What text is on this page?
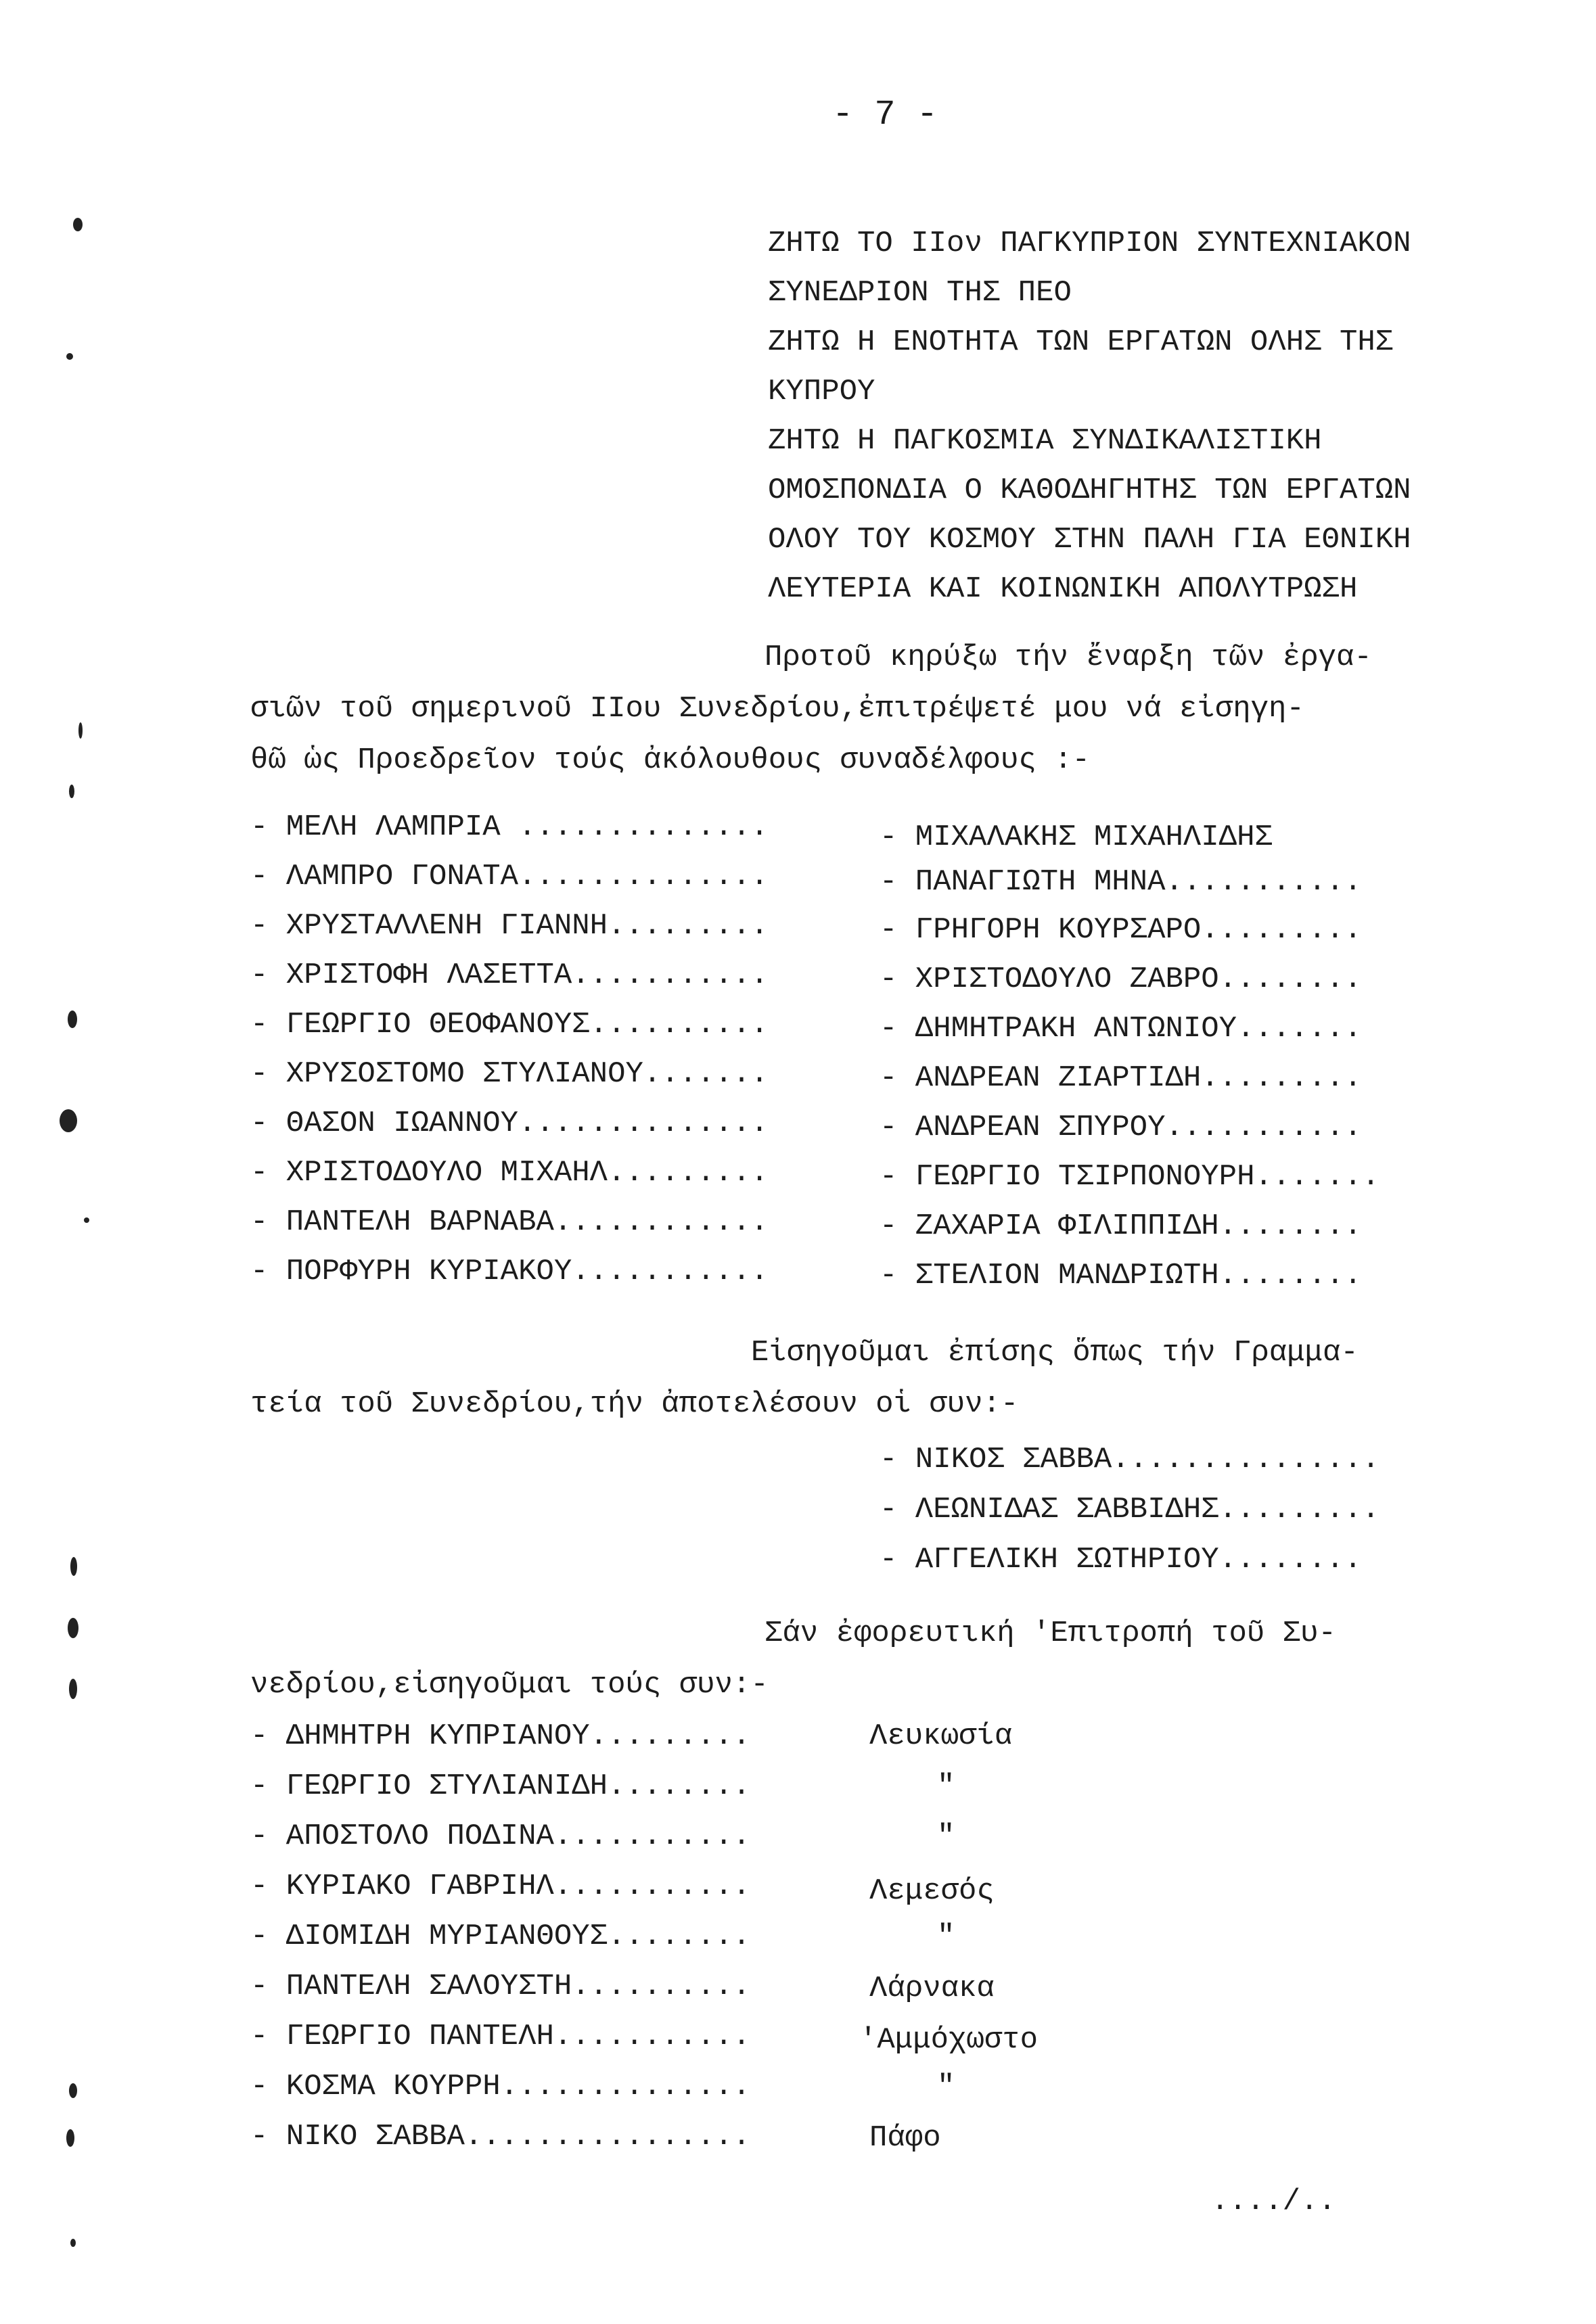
- 7 -
ΖΗΤΩ ΤΟ ΙΙον ΠΑΓΚΥΠΡΙΟΝ ΣΥΝΤΕΧΝΙΑΚΟΝ
ΣΥΝΕΔΡΙΟΝ ΤΗΣ ΠΕΟ
ΖΗΤΩ Η ΕΝΟΤΗΤΑ ΤΩΝ ΕΡΓΑΤΩΝ ΟΛΗΣ ΤΗΣ
ΚΥΠΡΟΥ
ΖΗΤΩ Η ΠΑΓΚΟΣΜΙΑ ΣΥΝΔΙΚΑΛΙΣΤΙΚΗ
ΟΜΟΣΠΟΝΔΙΑ Ο ΚΑΘΟΔΗΓΗΤΗΣ ΤΩΝ ΕΡΓΑΤΩΝ
ΟΛΟΥ ΤΟΥ ΚΟΣΜΟΥ ΣΤΗΝ ΠΑΛΗ ΓΙΑ ΕΘΝΙΚΗ
ΛΕΥΤΕΡΙΑ ΚΑΙ ΚΟΙΝΩΝΙΚΗ ΑΠΟΛΥΤΡΩΣΗ
Προτοῦ κηρύξω τήν ἔναρξη τῶν ἐργα-
σιῶν τοῦ σημερινοῦ ΙΙου Συνεδρίου,ἐπιτρέψετέ μου νά εἰσηγη-
θῶ ὡς Προεδρεῖον τούς ἀκόλουθους συναδέλφους :-
- ΜΕΛΗ ΛΑΜΠΡΙΑ ..............	- ΜΙΧΑΛΑΚΗΣ ΜΙΧΑΗΛΙΔΗΣ
- ΛΑΜΠΡΟ ΓΟΝΑΤΑ..............	- ΠΑΝΑΓΙΩΤΗ ΜΗΝΑ...........
- ΧΡΥΣΤΑΛΛΕΝΗ ΓΙΑΝΝΗ.........	- ΓΡΗΓΟΡΗ ΚΟΥΡΣΑΡΟ.........
- ΧΡΙΣΤΟΦΗ ΛΑΣΕΤΤΑ...........	- ΧΡΙΣΤΟΔΟΥΛΟ ΖΑΒΡΟ........
- ΓΕΩΡΓΙΟ ΘΕΟΦΑΝΟΥΣ..........	- ΔΗΜΗΤΡΑΚΗ ΑΝΤΩΝΙΟΥ.......
- ΧΡΥΣΟΣΤΟΜΟ ΣΤΥΛΙΑΝΟΥ.......	- ΑΝΔΡΕΑΝ ΖΙΑΡΤΙΔΗ.........
- ΘΑΣΟΝ ΙΩΑΝΝΟΥ..............	- ΑΝΔΡΕΑΝ ΣΠΥΡΟΥ...........
- ΧΡΙΣΤΟΔΟΥΛΟ ΜΙΧΑΗΛ.........	- ΓΕΩΡΓΙΟ ΤΣΙΡΠΟΝΟΥΡΗ.......
- ΠΑΝΤΕΛΗ ΒΑΡΝΑΒΑ............	- ΖΑΧΑΡΙΑ ΦΙΛΙΠΠΙΔΗ........
- ΠΟΡΦΥΡΗ ΚΥΡΙΑΚΟΥ...........	- ΣΤΕΛΙΟΝ ΜΑΝΔΡΙΩΤΗ........
Εἰσηγοῦμαι ἐπίσης ὅπως τήν Γραμμα-
τεία τοῦ Συνεδρίου,τήν ἀποτελέσουν οἱ συν:-
- ΝΙΚΟΣ ΣΑΒΒΑ...............
- ΛΕΩΝΙΔΑΣ ΣΑΒΒΙΔΗΣ.........
- ΑΓΓΕΛΙΚΗ ΣΩΤΗΡΙΟΥ........
Σάν ἐφορευτική 'Επιτροπή τοῦ Συ-
νεδρίου,εἰσηγοῦμαι τούς συν:-
- ΔΗΜΗΤΡΗ ΚΥΠΡΙΑΝΟΥ.........	Λευκωσία
- ΓΕΩΡΓΙΟ ΣΤΥΛΙΑΝΙΔΗ........	"
- ΑΠΟΣΤΟΛΟ ΠΟΔΙΝΑ...........	"
- ΚΥΡΙΑΚΟ ΓΑΒΡΙΗΛ...........	Λεμεσός
- ΔΙΟΜΙΔΗ ΜΥΡΙΑΝΘΟΥΣ........	"
- ΠΑΝΤΕΛΗ ΣΑΛΟΥΣΤΗ..........	Λάρνακα
- ΓΕΩΡΓΙΟ ΠΑΝΤΕΛΗ...........	'Αμμόχωστο
- ΚΟΣΜΑ ΚΟΥΡΡΗ..............	"
- ΝΙΚΟ ΣΑΒΒΑ................	Πάφο
..../..
